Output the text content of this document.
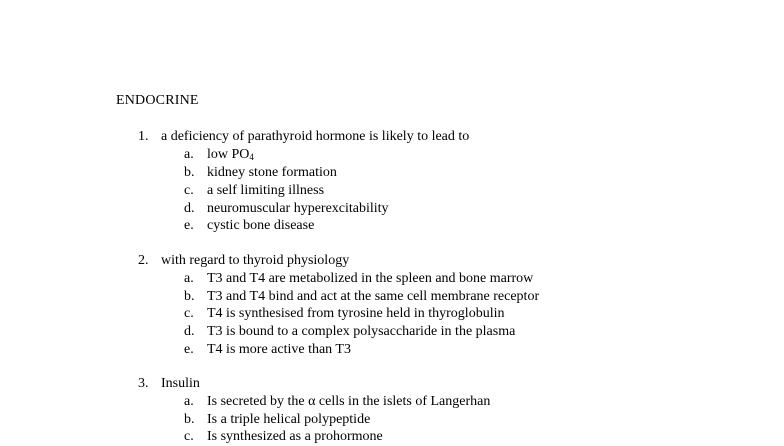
ENDOCRINE
1. a deficiency of parathyroid hormone is likely to lead to
a. low $PO_4$
b. kidney stone formation
c. a self limiting illness
d. neuromuscular hyperexcitability
e. cystic bone disease
2. with regard to thyroid physiology
a. T3 and T4 are metabolized in the spleen and bone marrow
b. T3 and T4 bind and act at the same cell membrane receptor
c. T4 is synthesised from tyrosine held in thyroglobulin
d. T3 is bound to a complex polysaccharide in the plasma
e. T4 is more active than T3
3. Insulin
a. Is secreted by the α cells in the islets of Langerhan
b. Is a triple helical polypeptide
c. Is synthesized as a prohormone
